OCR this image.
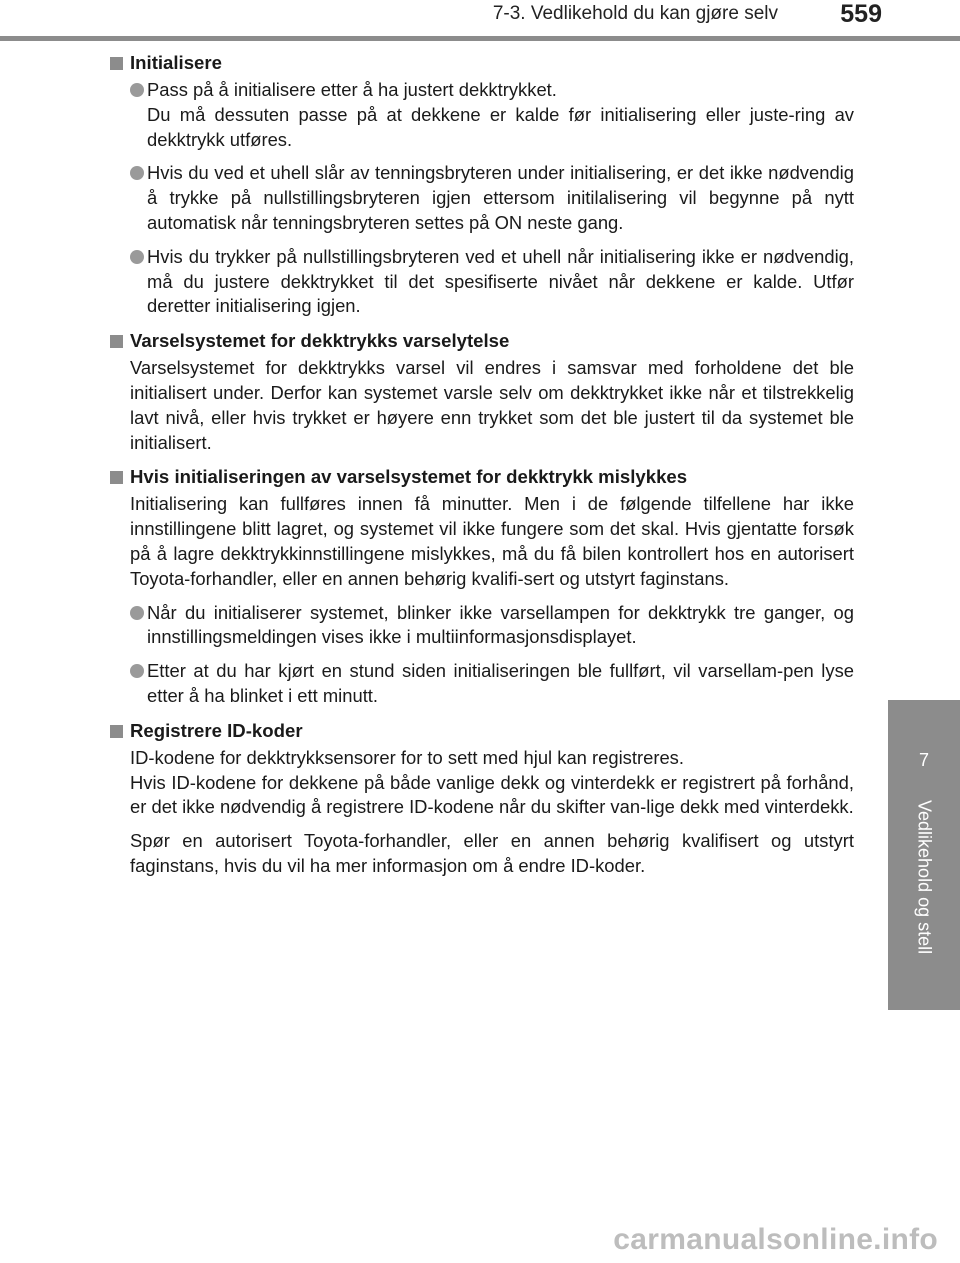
7-3. Vedlikehold du kan gjøre selv 559
7
Vedlikehold og stell
Initialisere
Pass på å initialisere etter å ha justert dekktrykket.
Du må dessuten passe på at dekkene er kalde før initialisering eller juste-ring av dekktrykk utføres.
Hvis du ved et uhell slår av tenningsbryteren under initialisering, er det ikke nødvendig å trykke på nullstillingsbryteren igjen ettersom initilalisering vil begynne på nytt automatisk når tenningsbryteren settes på ON neste gang.
Hvis du trykker på nullstillingsbryteren ved et uhell når initialisering ikke er nødvendig, må du justere dekktrykket til det spesifiserte nivået når dekkene er kalde. Utfør deretter initialisering igjen.
Varselsystemet for dekktrykks varselytelse
Varselsystemet for dekktrykks varsel vil endres i samsvar med forholdene det ble initialisert under. Derfor kan systemet varsle selv om dekktrykket ikke når et tilstrekkelig lavt nivå, eller hvis trykket er høyere enn trykket som det ble justert til da systemet ble initialisert.
Hvis initialiseringen av varselsystemet for dekktrykk mislykkes
Initialisering kan fullføres innen få minutter. Men i de følgende tilfellene har ikke innstillingene blitt lagret, og systemet vil ikke fungere som det skal. Hvis gjentatte forsøk på å lagre dekktrykkinnstillingene mislykkes, må du få bilen kontrollert hos en autorisert Toyota-forhandler, eller en annen behørig kvalifi-sert og utstyrt faginstans.
Når du initialiserer systemet, blinker ikke varsellampen for dekktrykk tre ganger, og innstillingsmeldingen vises ikke i multiinformasjonsdisplayet.
Etter at du har kjørt en stund siden initialiseringen ble fullført, vil varsellam-pen lyse etter å ha blinket i ett minutt.
Registrere ID-koder
ID-kodene for dekktrykksensorer for to sett med hjul kan registreres.
Hvis ID-kodene for dekkene på både vanlige dekk og vinterdekk er registrert på forhånd, er det ikke nødvendig å registrere ID-kodene når du skifter van-lige dekk med vinterdekk.
Spør en autorisert Toyota-forhandler, eller en annen behørig kvalifisert og utstyrt faginstans, hvis du vil ha mer informasjon om å endre ID-koder.
carmanualsonline.info
